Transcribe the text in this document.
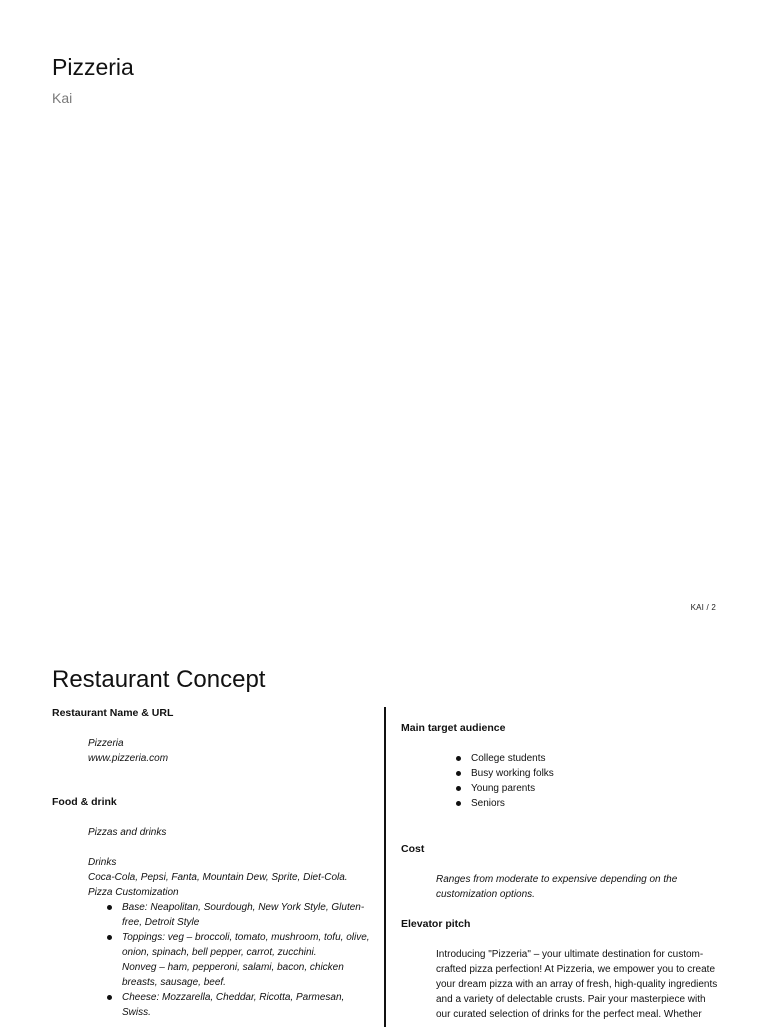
Pizzeria

Kai

KAI / 2
Restaurant Concept

Restaurant Name & URL

Pizzeria
www.pizzeria.com

Food & drink

Pizzas and drinks
Drinks
Coca-Cola, Pepsi, Fanta, Mountain Dew, Sprite, Diet-Cola.
Pizza Customization
Base: Neapolitan, Sourdough, New York Style, Gluten-free, Detroit Style
Toppings: veg – broccoli, tomato, mushroom, tofu, olive, onion, spinach, bell pepper, carrot, zucchini.
Nonveg – ham, pepperoni, salami, bacon, chicken breasts, sausage, beef.
Cheese: Mozzarella, Cheddar, Ricotta, Parmesan, Swiss.

Main target audience

College students
Busy working folks
Young parents
Seniors

Cost

Ranges from moderate to expensive depending on the customization options.

Elevator pitch

Introducing "Pizzeria" – your ultimate destination for custom-crafted pizza perfection! At Pizzeria, we empower you to create your dream pizza with an array of fresh, high-quality ingredients and a variety of delectable crusts. Pair your masterpiece with our curated selection of drinks for the perfect meal. Whether
